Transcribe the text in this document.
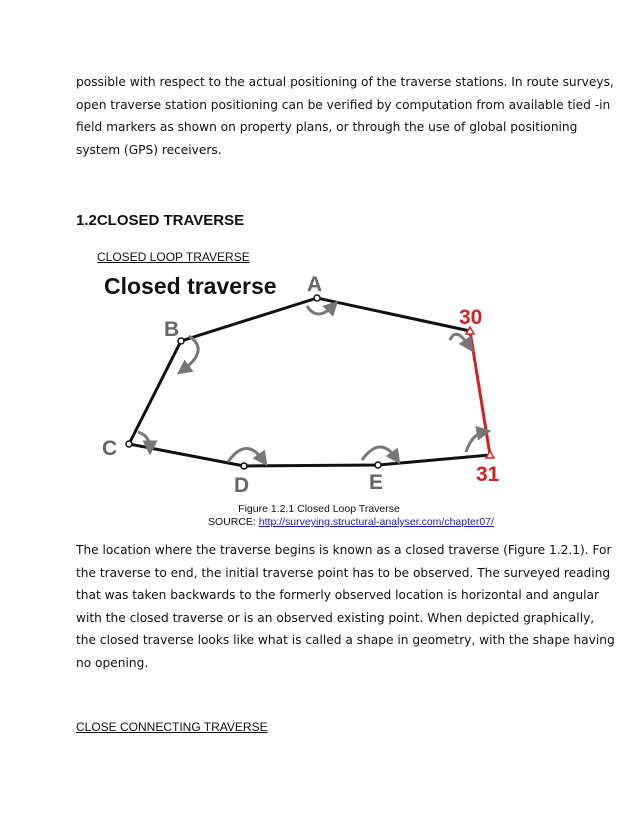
possible with respect to the actual positioning of the traverse stations. In route surveys,

open traverse station positioning can be verified by computation from available tied -in

field markers as shown on property plans, or through the use of global positioning

system (GPS) receivers.

1.2CLOSED TRAVERSE
CLOSED LOOP TRAVERSE
Closed traverse A
B
C
D	E
30
31
Figure 1.2.1 Closed Loop Traverse
SOURCE: http://surveying.structural-analyser.com/chapter07/

The location where the traverse begins is known as a closed traverse (Figure 1.2.1). For

the traverse to end, the initial traverse point has to be observed. The surveyed reading

that was taken backwards to the formerly observed location is horizontal and angular

with the closed traverse or is an observed existing point. When depicted graphically,

the closed traverse looks like what is called a shape in geometry, with the shape having

no opening.

CLOSE CONNECTING TRAVERSE
